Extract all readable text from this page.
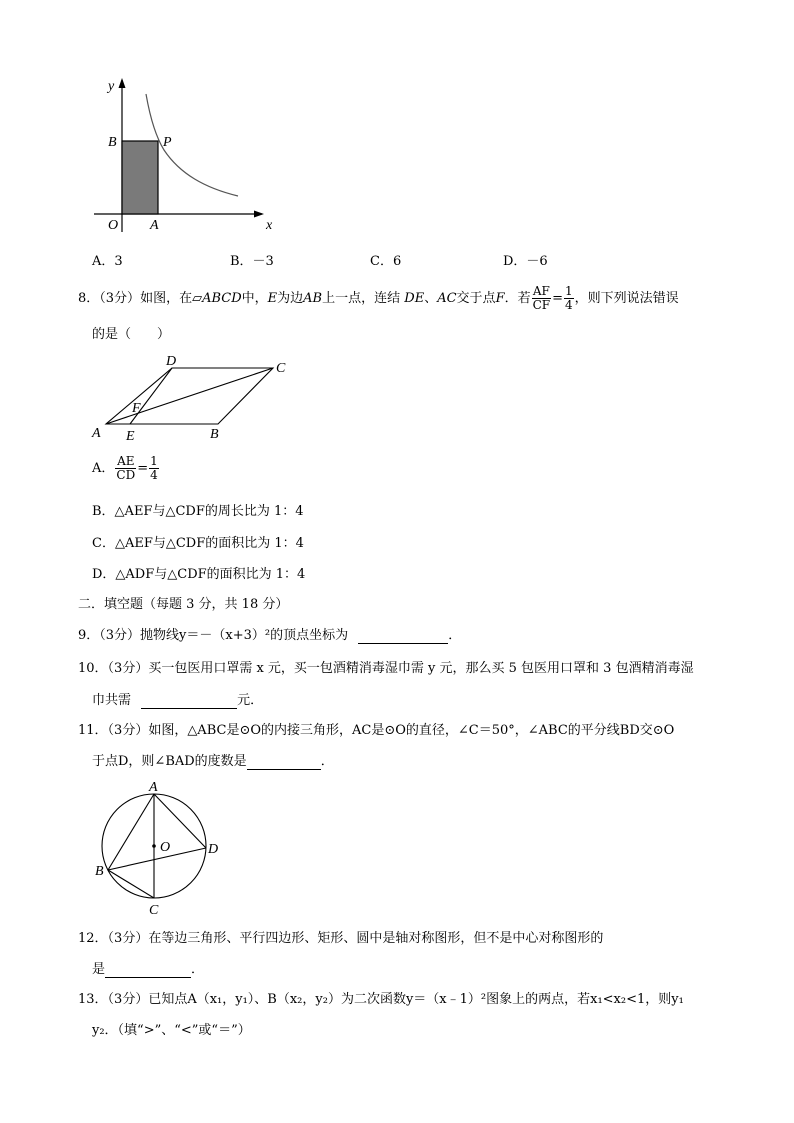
y
x
B	P
O A
A．3	B．－3	C．6	D．－6
8．（3分）如图，在▱ABCD中，E为边AB上一点，连结 DE、AC交于点F．若 $\frac{AF}{CF} = \frac{1}{4}$ ，则下列说法错误
的是（　　）
A E	B
C
D
F
A． $\frac{AE}{CD} = \frac{1}{4}$
B．△AEF与△CDF的周长比为 1：4
C．△AEF与△CDF的面积比为 1：4
D．△ADF与△CDF的面积比为 1：4
二．填空题（每题 3 分，共 18 分）
9．（3分）抛物线y＝－（x+3）²的顶点坐标为	．
10．（3分）买一包医用口罩需 x 元，买一包酒精消毒湿巾需 y 元，那么买 5 包医用口罩和 3 包酒精消毒湿
巾共需	元．
11．（3分）如图，△ABC是⊙O的内接三角形，AC是⊙O的直径，∠C＝50°，∠ABC的平分线BD交⊙O
于点D，则∠BAD的度数是	．
A
B
C
D
O
12．（3分）在等边三角形、平行四边形、矩形、圆中是轴对称图形，但不是中心对称图形的
是	．
13．（3分）已知点A（x₁，y₁）、B（x₂，y₂）为二次函数y＝（x﹣1）²图象上的两点，若x₁<x₂<1，则y₁
y₂．（填“>”、“<”或“＝”）
